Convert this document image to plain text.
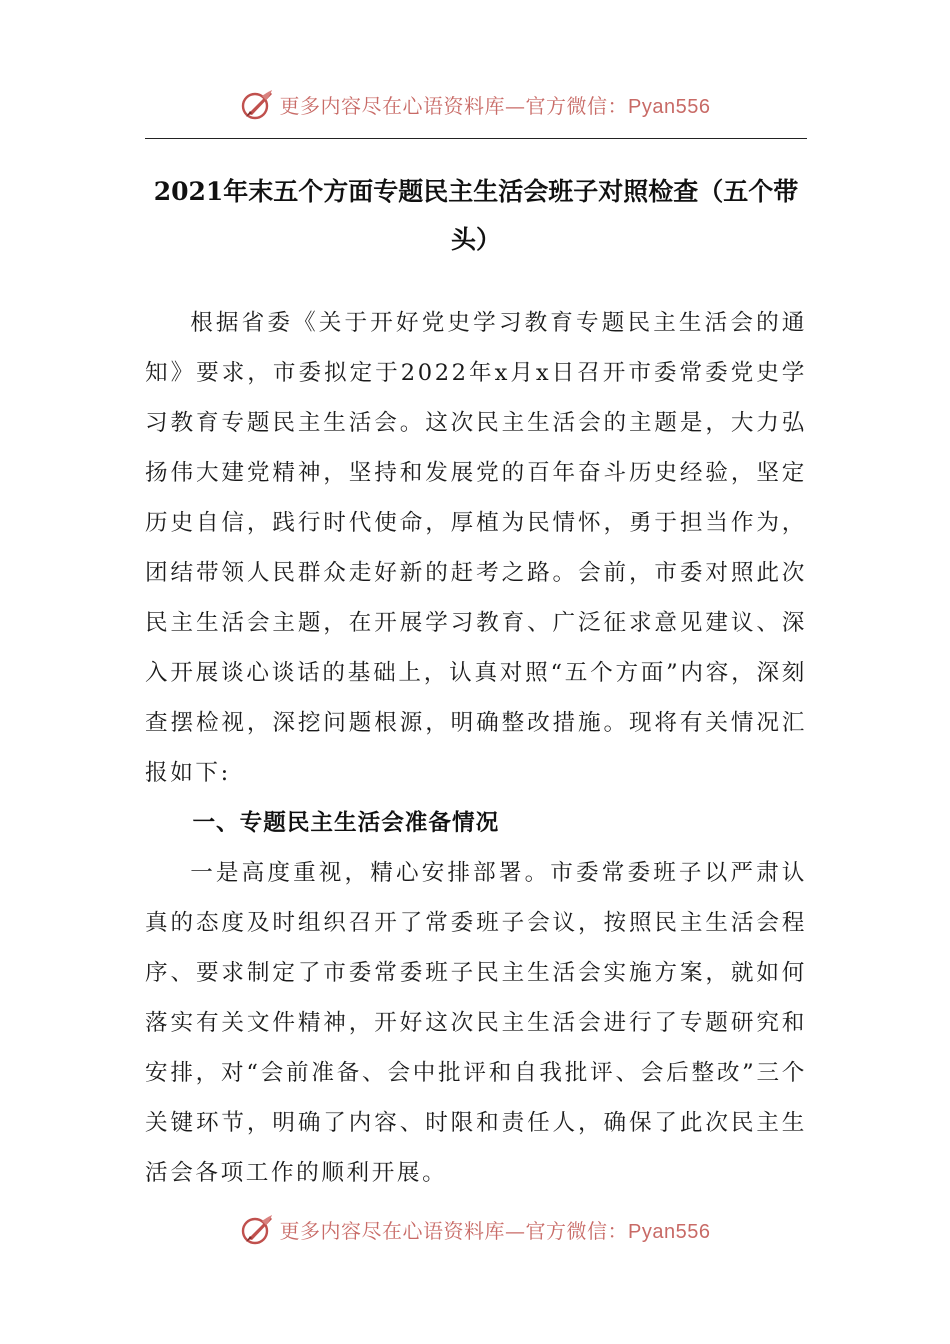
更多内容尽在心语资料库—官方微信：Pyan556
2021年末五个方面专题民主生活会班子对照检查（五个带头）

根据省委《关于开好党史学习教育专题民主生活会的通知》要求，市委拟定于2022年x月x日召开市委常委党史学习教育专题民主生活会。这次民主生活会的主题是，大力弘扬伟大建党精神，坚持和发展党的百年奋斗历史经验，坚定历史自信，践行时代使命，厚植为民情怀，勇于担当作为，团结带领人民群众走好新的赶考之路。会前，市委对照此次民主生活会主题，在开展学习教育、广泛征求意见建议、深入开展谈心谈话的基础上，认真对照“五个方面”内容，深刻查摆检视，深挖问题根源，明确整改措施。现将有关情况汇报如下:

一、专题民主生活会准备情况

一是高度重视，精心安排部署。市委常委班子以严肃认真的态度及时组织召开了常委班子会议，按照民主生活会程序、要求制定了市委常委班子民主生活会实施方案，就如何落实有关文件精神，开好这次民主生活会进行了专题研究和安排，对“会前准备、会中批评和自我批评、会后整改”三个关键环节，明确了内容、时限和责任人，确保了此次民主生活会各项工作的顺利开展。

更多内容尽在心语资料库—官方微信：Pyan556
